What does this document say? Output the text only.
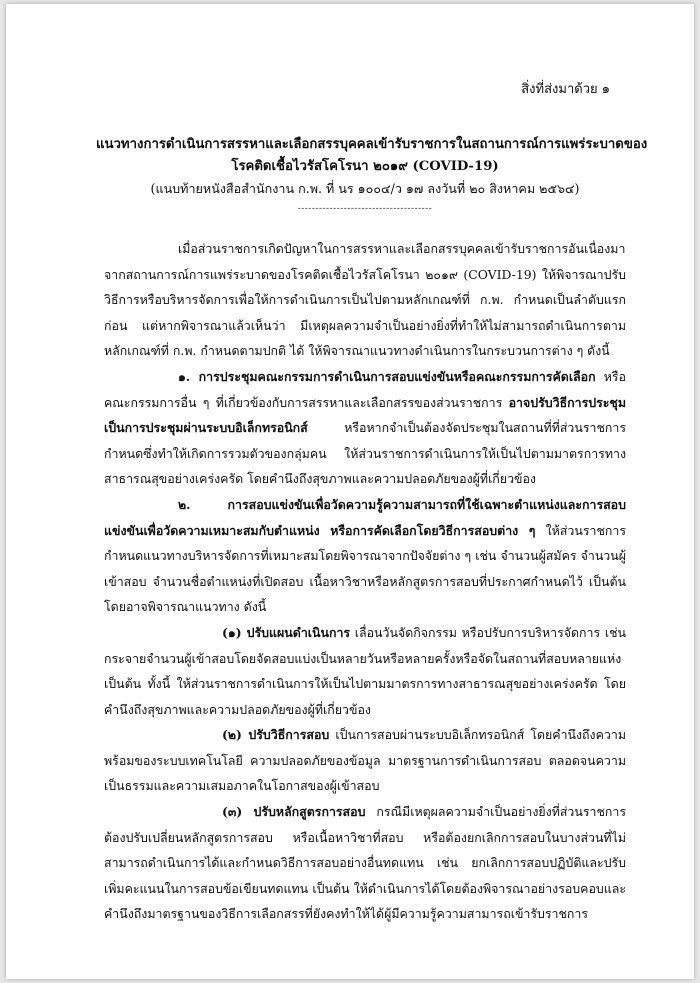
สิ่งที่ส่งมาด้วย ๑
แนวทางการดำเนินการสรรหาและเลือกสรรบุคคลเข้ารับราชการในสถานการณ์การแพร่ระบาดของ
โรคติดเชื้อไวรัสโคโรนา ๒๐๑๙ (COVID-19)
(แนบท้ายหนังสือสำนักงาน ก.พ. ที่ นร ๑๐๐๔/ว ๑๗ ลงวันที่ ๒๐ สิงหาคม ๒๕๖๔)
--------------------------------------

เมื่อส่วนราชการเกิดปัญหาในการสรรหาและเลือกสรรบุคคลเข้ารับราชการอันเนื่องมาจากสถานการณ์การแพร่ระบาดของโรคติดเชื้อไวรัสโคโรนา ๒๐๑๙ (COVID-19) ให้พิจารณาปรับวิธีการหรือบริหารจัดการเพื่อให้การดำเนินการเป็นไปตามหลักเกณฑ์ที่ ก.พ. กำหนดเป็นลำดับแรกก่อน แต่หากพิจารณาแล้วเห็นว่า มีเหตุผลความจำเป็นอย่างยิ่งที่ทำให้ไม่สามารถดำเนินการตามหลักเกณฑ์ที่ ก.พ. กำหนดตามปกติ ได้ ให้พิจารณาแนวทางดำเนินการในกระบวนการต่าง ๆ ดังนี้

๑. การประชุมคณะกรรมการดำเนินการสอบแข่งขันหรือคณะกรรมการคัดเลือก หรือคณะกรรมการอื่น ๆ ที่เกี่ยวข้องกับการสรรหาและเลือกสรรของส่วนราชการ อาจปรับวิธีการประชุมเป็นการประชุมผ่านระบบอิเล็กทรอนิกส์ หรือหากจำเป็นต้องจัดประชุมในสถานที่ที่ส่วนราชการกำหนดซึ่งทำให้เกิดการรวมตัวของกลุ่มคน ให้ส่วนราชการดำเนินการให้เป็นไปตามมาตรการทางสาธารณสุขอย่างเคร่งครัด โดยคำนึงถึงสุขภาพและความปลอดภัยของผู้ที่เกี่ยวข้อง

๒. การสอบแข่งขันเพื่อวัดความรู้ความสามารถที่ใช้เฉพาะตำแหน่งและการสอบแข่งขันเพื่อวัดความเหมาะสมกับตำแหน่ง หรือการคัดเลือกโดยวิธีการสอบต่าง ๆ ให้ส่วนราชการกำหนดแนวทางบริหารจัดการที่เหมาะสมโดยพิจารณาจากปัจจัยต่าง ๆ เช่น จำนวนผู้สมัคร จำนวนผู้เข้าสอบ จำนวนชื่อตำแหน่งที่เปิดสอบ เนื้อหาวิชาหรือหลักสูตรการสอบที่ประกาศกำหนดไว้ เป็นต้น โดยอาจพิจารณาแนวทาง ดังนี้

(๑) ปรับแผนดำเนินการ เลื่อนวันจัดกิจกรรม หรือปรับการบริหารจัดการ เช่น กระจายจำนวนผู้เข้าสอบโดยจัดสอบแบ่งเป็นหลายวันหรือหลายครั้งหรือจัดในสถานที่สอบหลายแห่ง เป็นต้น ทั้งนี้ ให้ส่วนราชการดำเนินการให้เป็นไปตามมาตรการทางสาธารณสุขอย่างเคร่งครัด โดยคำนึงถึงสุขภาพและความปลอดภัยของผู้ที่เกี่ยวข้อง

(๒) ปรับวิธีการสอบ เป็นการสอบผ่านระบบอิเล็กทรอนิกส์ โดยคำนึงถึงความพร้อมของระบบเทคโนโลยี ความปลอดภัยของข้อมูล มาตรฐานการดำเนินการสอบ ตลอดจนความเป็นธรรมและความเสมอภาคในโอกาสของผู้เข้าสอบ

(๓) ปรับหลักสูตรการสอบ กรณีมีเหตุผลความจำเป็นอย่างยิ่งที่ส่วนราชการต้องปรับเปลี่ยนหลักสูตรการสอบ หรือเนื้อหาวิชาที่สอบ หรือต้องยกเลิกการสอบในบางส่วนที่ไม่สามารถดำเนินการได้และกำหนดวิธีการสอบอย่างอื่นทดแทน เช่น ยกเลิกการสอบปฏิบัติและปรับเพิ่มคะแนนในการสอบข้อเขียนทดแทน เป็นต้น ให้ดำเนินการได้โดยต้องพิจารณาอย่างรอบคอบและคำนึงถึงมาตรฐานของวิธีการเลือกสรรที่ยังคงทำให้ได้ผู้มีความรู้ความสามารถเข้ารับราชการ
